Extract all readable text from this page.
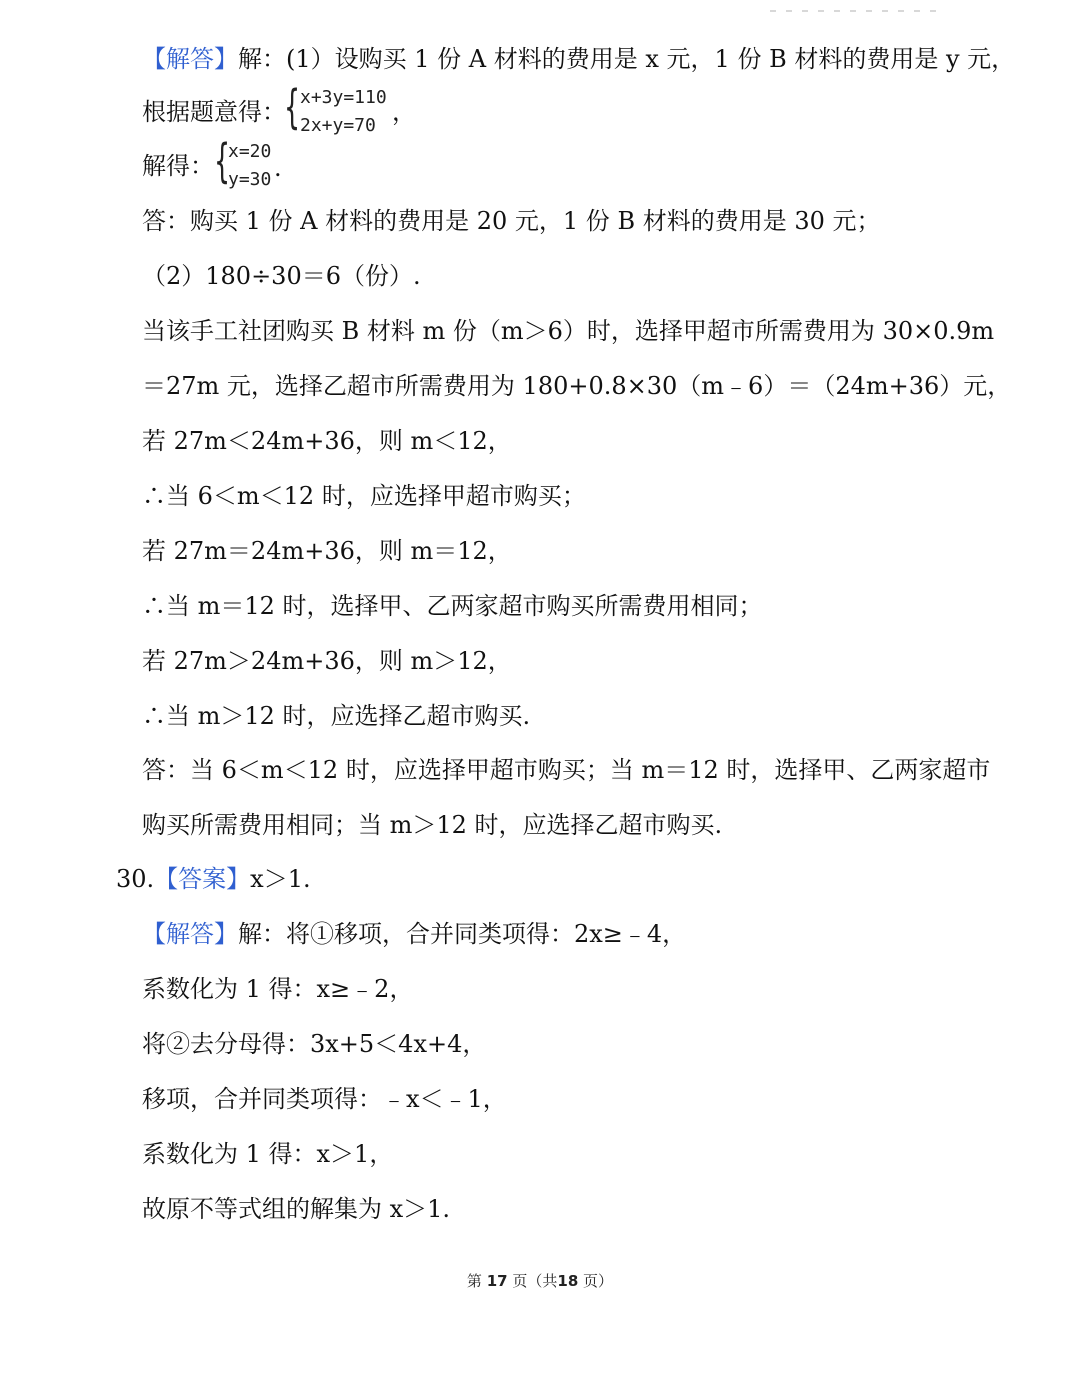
【解答】解：(1）设购买 1 份 A 材料的费用是 x 元，1 份 B 材料的费用是 y 元，
根据题意得：
{ x+3y=110
2x+y=70 ，
解得： {
x=20
y=30 .
答：购买 1 份 A 材料的费用是 20 元，1 份 B 材料的费用是 30 元；
（2）180÷30＝6（份）.
当该手工社团购买 B 材料 m 份（m＞6）时，选择甲超市所需费用为 30×0.9m
＝27m 元，选择乙超市所需费用为 180+0.8×30（m﹣6）＝（24m+36）元，
若 27m＜24m+36，则 m＜12，
∴当 6＜m＜12 时，应选择甲超市购买；
若 27m＝24m+36，则 m＝12，
∴当 m＝12 时，选择甲、乙两家超市购买所需费用相同；
若 27m＞24m+36，则 m＞12，
∴当 m＞12 时，应选择乙超市购买.
答：当 6＜m＜12 时，应选择甲超市购买；当 m＝12 时，选择甲、乙两家超市
购买所需费用相同；当 m＞12 时，应选择乙超市购买.
30.【答案】x＞1.
【解答】解：将①移项，合并同类项得：2x≥﹣4，
系数化为 1 得：x≥﹣2，
将②去分母得：3x+5＜4x+4，
移项，合并同类项得：﹣x＜﹣1，
系数化为 1 得：x＞1，
故原不等式组的解集为 x＞1.
第 17 页（共18 页）
